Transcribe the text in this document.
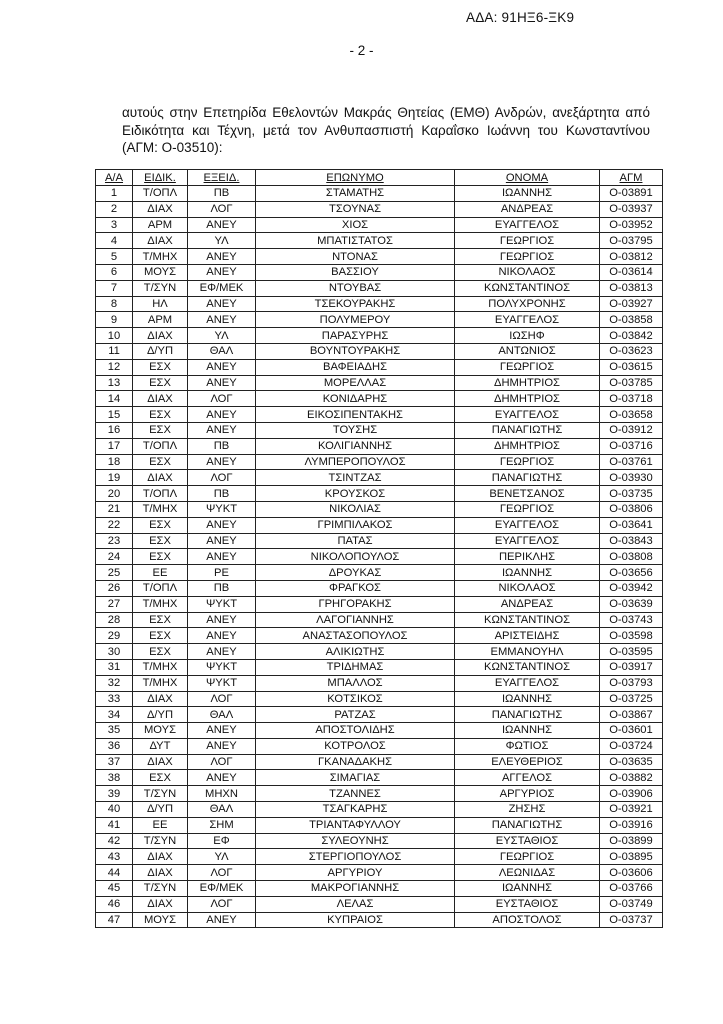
ΑΔΑ: 91ΗΞ6-ΞΚ9
- 2 -

αυτούς στην Επετηρίδα Εθελοντών Μακράς Θητείας (ΕΜΘ) Ανδρών, ανεξάρτητα από Ειδικότητα και Τέχνη, μετά τον Ανθυπασπιστή Καραΐσκο Ιωάννη του Κωνσταντίνου (ΑΓΜ: Ο-03510):

Α/Α	ΕΙΔΙΚ.	ΕΞΕΙΔ.	ΕΠΩΝΥΜΟ	ΟΝΟΜΑ	ΑΓΜ
1	Τ/ΟΠΛ	ΠΒ	ΣΤΑΜΑΤΗΣ	ΙΩΑΝΝΗΣ	Ο-03891
2	ΔΙΑΧ	ΛΟΓ	ΤΣΟΥΝΑΣ	ΑΝΔΡΕΑΣ	Ο-03937
3	ΑΡΜ	ΑΝΕΥ	ΧΙΟΣ	ΕΥΑΓΓΕΛΟΣ	Ο-03952
4	ΔΙΑΧ	ΥΛ	ΜΠΑΤΙΣΤΑΤΟΣ	ΓΕΩΡΓΙΟΣ	Ο-03795
5	Τ/ΜΗΧ	ΑΝΕΥ	ΝΤΟΝΑΣ	ΓΕΩΡΓΙΟΣ	Ο-03812
6	ΜΟΥΣ	ΑΝΕΥ	ΒΑΣΣΙΟΥ	ΝΙΚΟΛΑΟΣ	Ο-03614
7	Τ/ΣΥΝ	ΕΦ/ΜΕΚ	ΝΤΟΥΒΑΣ	ΚΩΝΣΤΑΝΤΙΝΟΣ	Ο-03813
8	ΗΛ	ΑΝΕΥ	ΤΣΕΚΟΥΡΑΚΗΣ	ΠΟΛΥΧΡΟΝΗΣ	Ο-03927
9	ΑΡΜ	ΑΝΕΥ	ΠΟΛΥΜΕΡΟΥ	ΕΥΑΓΓΕΛΟΣ	Ο-03858
10	ΔΙΑΧ	ΥΛ	ΠΑΡΑΣΥΡΗΣ	ΙΩΣΗΦ	Ο-03842
11	Δ/ΥΠ	ΘΑΛ	ΒΟΥΝΤΟΥΡΑΚΗΣ	ΑΝΤΩΝΙΟΣ	Ο-03623
12	ΕΣΧ	ΑΝΕΥ	ΒΑΦΕΙΑΔΗΣ	ΓΕΩΡΓΙΟΣ	Ο-03615
13	ΕΣΧ	ΑΝΕΥ	ΜΟΡΕΛΛΑΣ	ΔΗΜΗΤΡΙΟΣ	Ο-03785
14	ΔΙΑΧ	ΛΟΓ	ΚΟΝΙΔΑΡΗΣ	ΔΗΜΗΤΡΙΟΣ	Ο-03718
15	ΕΣΧ	ΑΝΕΥ	ΕΙΚΟΣΙΠΕΝΤΑΚΗΣ	ΕΥΑΓΓΕΛΟΣ	Ο-03658
16	ΕΣΧ	ΑΝΕΥ	ΤΟΥΣΗΣ	ΠΑΝΑΓΙΩΤΗΣ	Ο-03912
17	Τ/ΟΠΛ	ΠΒ	ΚΟΛΙΓΙΑΝΝΗΣ	ΔΗΜΗΤΡΙΟΣ	Ο-03716
18	ΕΣΧ	ΑΝΕΥ	ΛΥΜΠΕΡΟΠΟΥΛΟΣ	ΓΕΩΡΓΙΟΣ	Ο-03761
19	ΔΙΑΧ	ΛΟΓ	ΤΣΙΝΤΖΑΣ	ΠΑΝΑΓΙΩΤΗΣ	Ο-03930
20	Τ/ΟΠΛ	ΠΒ	ΚΡΟΥΣΚΟΣ	ΒΕΝΕΤΣΑΝΟΣ	Ο-03735
21	Τ/ΜΗΧ	ΨΥΚΤ	ΝΙΚΟΛΙΑΣ	ΓΕΩΡΓΙΟΣ	Ο-03806
22	ΕΣΧ	ΑΝΕΥ	ΓΡΙΜΠΙΛΑΚΟΣ	ΕΥΑΓΓΕΛΟΣ	Ο-03641
23	ΕΣΧ	ΑΝΕΥ	ΠΑΤΑΣ	ΕΥΑΓΓΕΛΟΣ	Ο-03843
24	ΕΣΧ	ΑΝΕΥ	ΝΙΚΟΛΟΠΟΥΛΟΣ	ΠΕΡΙΚΛΗΣ	Ο-03808
25	ΕΕ	ΡΕ	ΔΡΟΥΚΑΣ	ΙΩΑΝΝΗΣ	Ο-03656
26	Τ/ΟΠΛ	ΠΒ	ΦΡΑΓΚΟΣ	ΝΙΚΟΛΑΟΣ	Ο-03942
27	Τ/ΜΗΧ	ΨΥΚΤ	ΓΡΗΓΟΡΑΚΗΣ	ΑΝΔΡΕΑΣ	Ο-03639
28	ΕΣΧ	ΑΝΕΥ	ΛΑΓΟΓΙΑΝΝΗΣ	ΚΩΝΣΤΑΝΤΙΝΟΣ	Ο-03743
29	ΕΣΧ	ΑΝΕΥ	ΑΝΑΣΤΑΣΟΠΟΥΛΟΣ	ΑΡΙΣΤΕΙΔΗΣ	Ο-03598
30	ΕΣΧ	ΑΝΕΥ	ΑΛΙΚΙΩΤΗΣ	ΕΜΜΑΝΟΥΗΛ	Ο-03595
31	Τ/ΜΗΧ	ΨΥΚΤ	ΤΡΙΔΗΜΑΣ	ΚΩΝΣΤΑΝΤΙΝΟΣ	Ο-03917
32	Τ/ΜΗΧ	ΨΥΚΤ	ΜΠΑΛΛΟΣ	ΕΥΑΓΓΕΛΟΣ	Ο-03793
33	ΔΙΑΧ	ΛΟΓ	ΚΟΤΣΙΚΟΣ	ΙΩΑΝΝΗΣ	Ο-03725
34	Δ/ΥΠ	ΘΑΛ	ΡΑΤΖΑΣ	ΠΑΝΑΓΙΩΤΗΣ	Ο-03867
35	ΜΟΥΣ	ΑΝΕΥ	ΑΠΟΣΤΟΛΙΔΗΣ	ΙΩΑΝΝΗΣ	Ο-03601
36	ΔΥΤ	ΑΝΕΥ	ΚΟΤΡΟΛΟΣ	ΦΩΤΙΟΣ	Ο-03724
37	ΔΙΑΧ	ΛΟΓ	ΓΚΑΝΑΔΑΚΗΣ	ΕΛΕΥΘΕΡΙΟΣ	Ο-03635
38	ΕΣΧ	ΑΝΕΥ	ΣΙΜΑΓΙΑΣ	ΑΓΓΕΛΟΣ	Ο-03882
39	Τ/ΣΥΝ	ΜΗΧΝ	ΤΖΑΝΝΕΣ	ΑΡΓΥΡΙΟΣ	Ο-03906
40	Δ/ΥΠ	ΘΑΛ	ΤΣΑΓΚΑΡΗΣ	ΖΗΣΗΣ	Ο-03921
41	ΕΕ	ΣΗΜ	ΤΡΙΑΝΤΑΦΥΛΛΟΥ	ΠΑΝΑΓΙΩΤΗΣ	Ο-03916
42	Τ/ΣΥΝ	ΕΦ	ΣΥΛΕΟΥΝΗΣ	ΕΥΣΤΑΘΙΟΣ	Ο-03899
43	ΔΙΑΧ	ΥΛ	ΣΤΕΡΓΙΟΠΟΥΛΟΣ	ΓΕΩΡΓΙΟΣ	Ο-03895
44	ΔΙΑΧ	ΛΟΓ	ΑΡΓΥΡΙΟΥ	ΛΕΩΝΙΔΑΣ	Ο-03606
45	Τ/ΣΥΝ	ΕΦ/ΜΕΚ	ΜΑΚΡΟΓΙΑΝΝΗΣ	ΙΩΑΝΝΗΣ	Ο-03766
46	ΔΙΑΧ	ΛΟΓ	ΛΕΛΑΣ	ΕΥΣΤΑΘΙΟΣ	Ο-03749
47	ΜΟΥΣ	ΑΝΕΥ	ΚΥΠΡΑΙΟΣ	ΑΠΟΣΤΟΛΟΣ	Ο-03737
